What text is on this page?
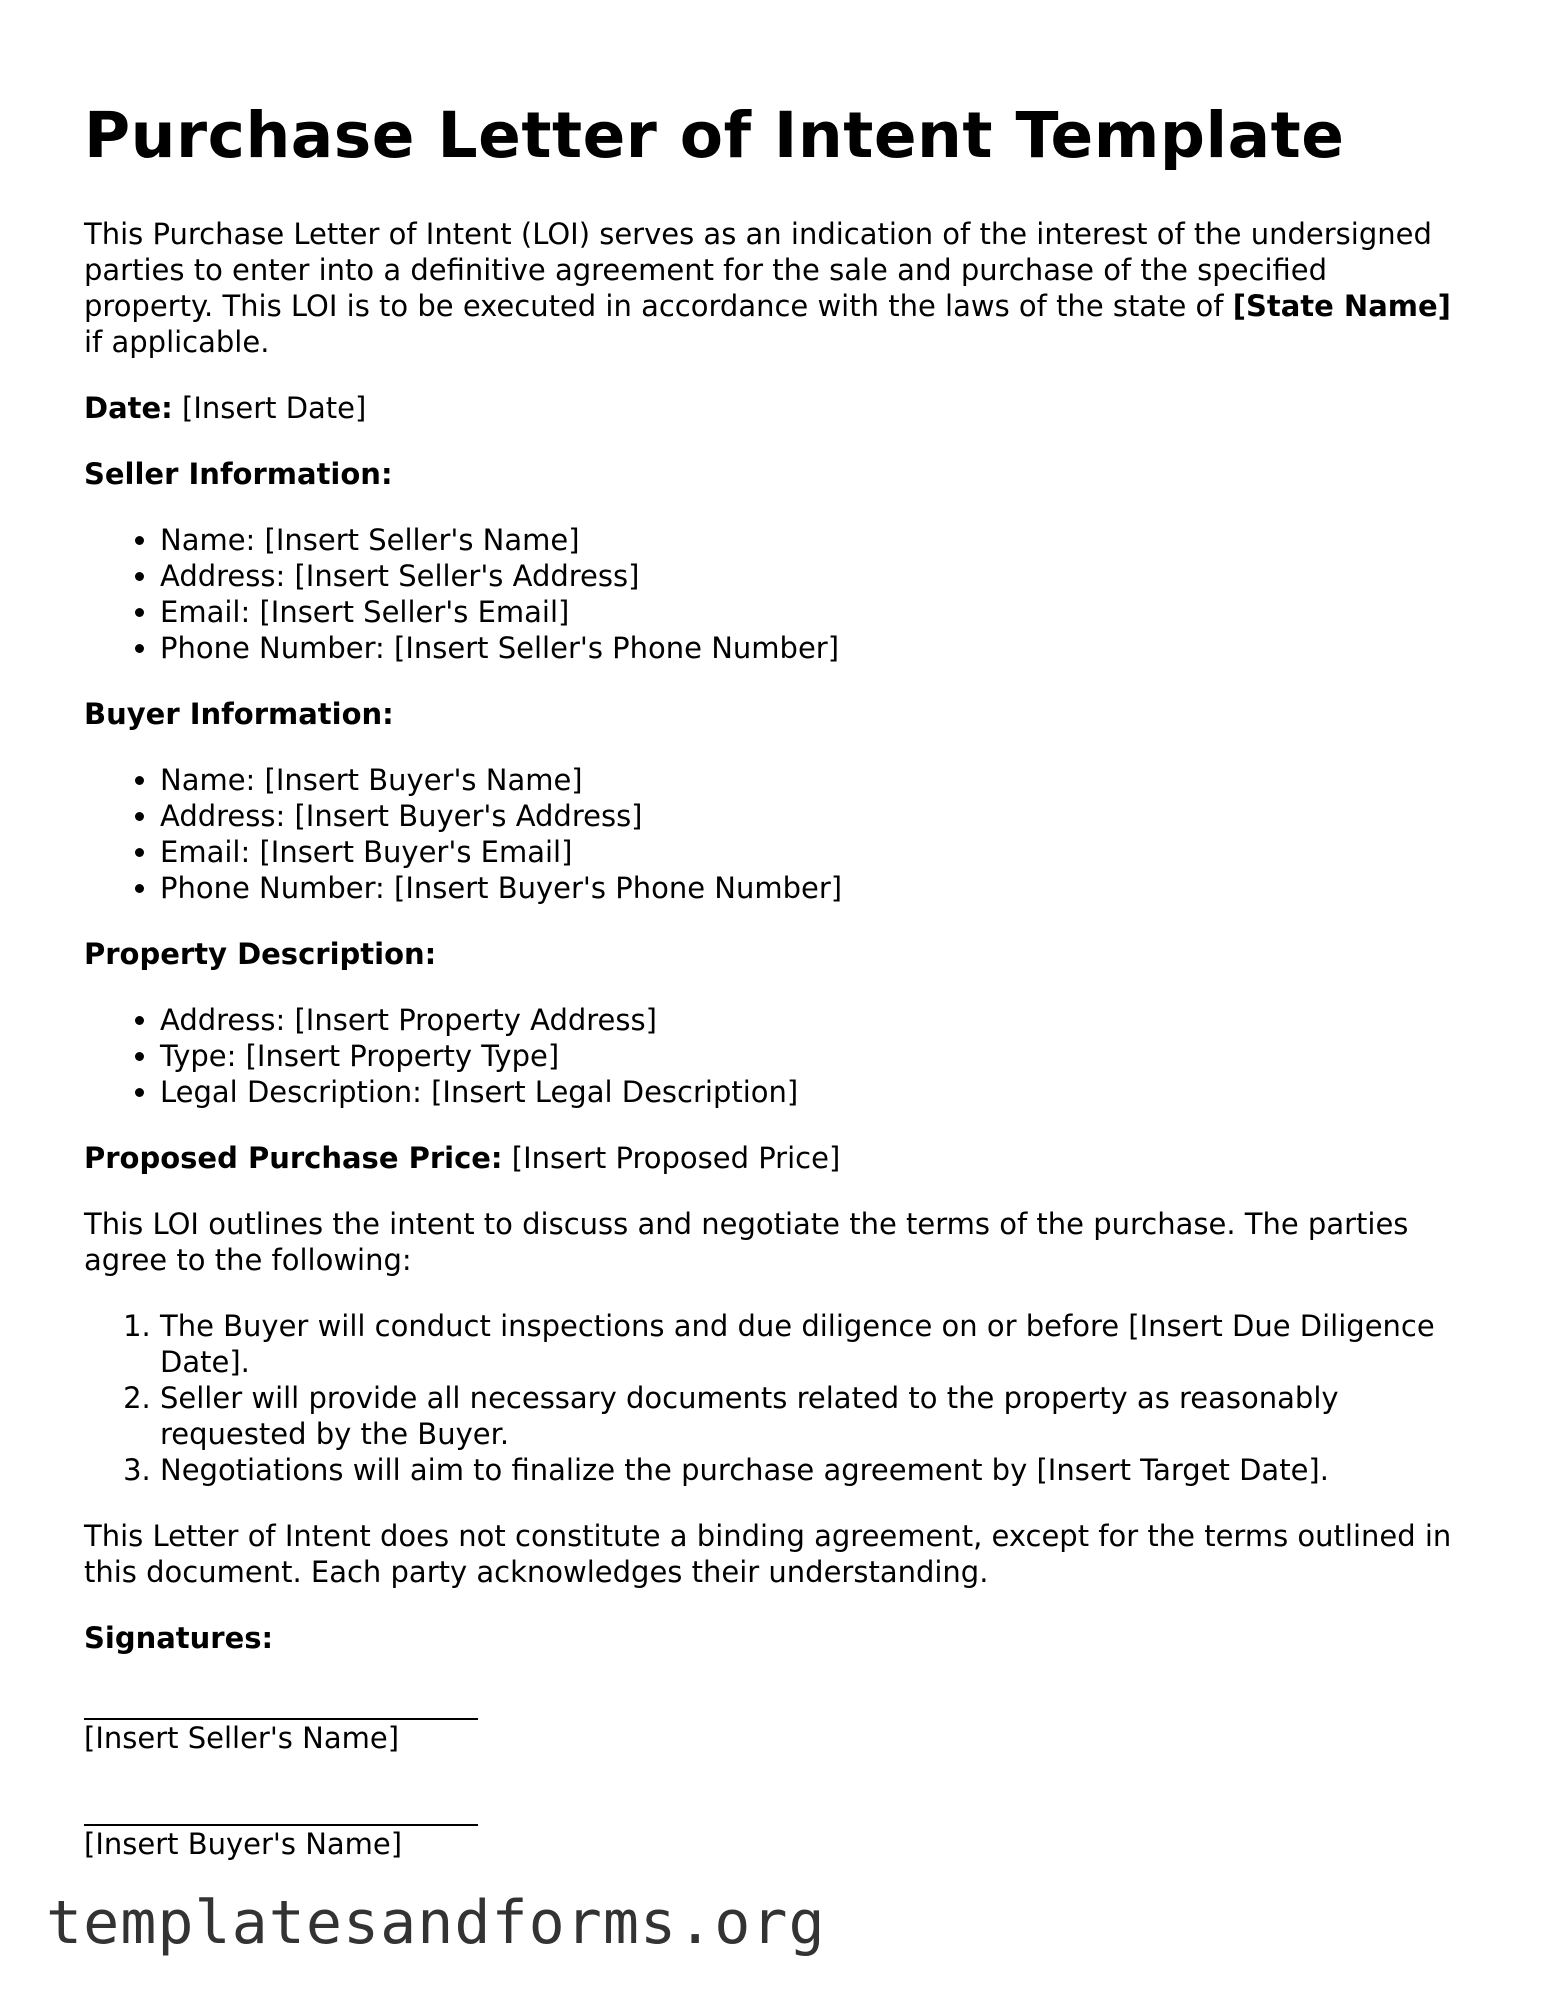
Purchase Letter of Intent Template

This Purchase Letter of Intent (LOI) serves as an indication of the interest of the undersigned parties to enter into a definitive agreement for the sale and purchase of the specified property. This LOI is to be executed in accordance with the laws of the state of [State Name] if applicable.

Date: [Insert Date]

Seller Information:

• Name: [Insert Seller's Name]
• Address: [Insert Seller's Address]
• Email: [Insert Seller's Email]
• Phone Number: [Insert Seller's Phone Number]

Buyer Information:

• Name: [Insert Buyer's Name]
• Address: [Insert Buyer's Address]
• Email: [Insert Buyer's Email]
• Phone Number: [Insert Buyer's Phone Number]

Property Description:

• Address: [Insert Property Address]
• Type: [Insert Property Type]
• Legal Description: [Insert Legal Description]

Proposed Purchase Price: [Insert Proposed Price]

This LOI outlines the intent to discuss and negotiate the terms of the purchase. The parties agree to the following:

1. The Buyer will conduct inspections and due diligence on or before [Insert Due Diligence Date].
2. Seller will provide all necessary documents related to the property as reasonably requested by the Buyer.
3. Negotiations will aim to finalize the purchase agreement by [Insert Target Date].

This Letter of Intent does not constitute a binding agreement, except for the terms outlined in this document. Each party acknowledges their understanding.

Signatures:

[Insert Seller's Name]
[Insert Buyer's Name]
templatesandforms.org
